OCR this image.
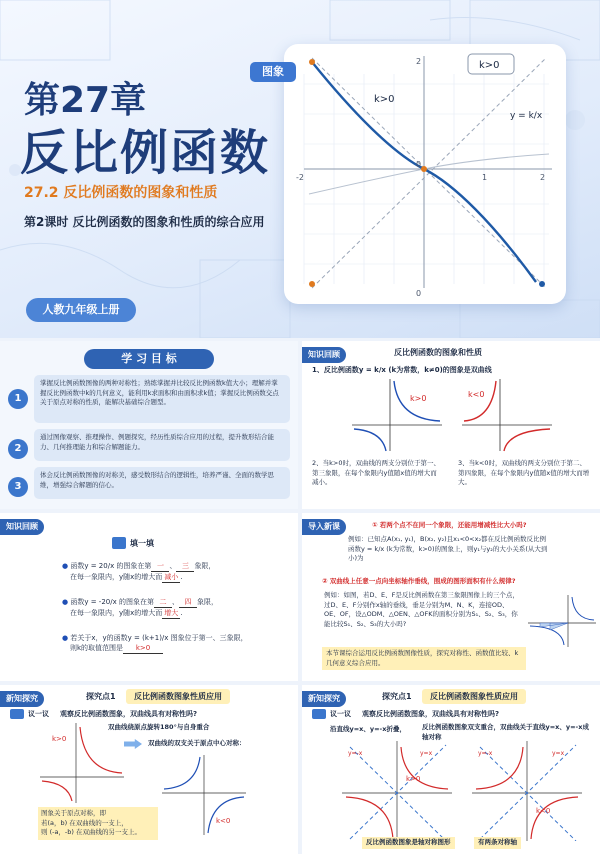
第27章
反比例函数
27.2 反比例函数的图象和性质
第2课时 反比例函数的图象和性质的综合应用
人教九年级上册
-2	1	2
2
0
0
k>0
k>0
y = k/x
图象
学 习 目 标
1
掌握反比例函数图像的两种对称性；熟练掌握并比较反比例函数k值大小；理解并掌握反比例函数中k的几何意义，能利用k求面积和由面积求k值；掌握反比例函数交点关于原点对称的性质，能解决基础综合题型。
2
通过图像观察、推理操作、例题探究，经历性质综合应用的过程，提升数形结合能力、几何推理能力和综合解题能力。
3
体会反比例函数图像的对称美，感受数形结合的逻辑性，培养严谨、全面的数学思维，增强综合解题的信心。
知识回顾	反比例函数的图象和性质
1、反比例函数y = k/x (k为常数，k≠0)的图象是双曲线
k>0	k<0
2、当k>0时，双曲线的两支分别位于第一、第三象限，在每个象限内y值随x值的增大而减小。
3、当k<0时，双曲线的两支分别位于第二、第四象限，在每个象限内y值随x值的增大而增大。
知识回顾
填一填
● 函数y = 20/x 的图象在第 一 、 三 象限，
在每一象限内，y随x的增大而 减小 .
● 函数y = -20/x 的图象在第 二 、 四 象限，
在每一象限内，y随x的增大而 增大 .
● 若关于x，y的函数y = (k+1)/x 图象位于第一、三象限，
则k的取值范围是 k>0
导入新课	① 若两个点不在同一个象限，还能用增减性比大小吗?
例如：已知点A(x₁, y₁)，B(x₂, y₂)且x₁<0<x₂都在反比例函数反比例函数y = k/x (k为常数，k>0)的图象上，则y₁与y₂的大小关系(从大到小)为
② 双曲线上任意一点向坐标轴作垂线，围成的图形面积有什么规律?
例如：如图，若D、E、F是反比例函数在第三象限图像上的三个点，过D、E、F分别作x轴的垂线，垂足分别为M、N、K，连接OD、OE、OF，设△ODM、△OEN、△OFK的面积分别为S₁、S₂、S₃，你能比较S₁、S₂、S₃的大小吗?
本节课综合运用反比例函数图像性质，探究对称性、函数值比较、k几何意义综合应用。
新知探究	探究点1	反比例函数图象性质应用
议一议 观察反比例函数图象，双曲线具有对称性吗?
双曲线绕原点旋转180°与自身重合
双曲线的双支关于原点中心对称：
k>0
k<0
图象关于原点对称，即
若(a，b) 在双曲线的一支上，
则 (-a，-b) 在双曲线的另一支上。
新知探究	探究点1	反比例函数图象性质应用
议一议 观察反比例函数图象，双曲线具有对称性吗?
沿直线y=x、y=-x折叠， 反比例函数图象双支重合，双曲线关于直线y=x、y=-x成轴对称
k>0
y=x
y=-x
k<0
y=-x	y=x
反比例函数图象是轴对称图形	有两条对称轴
